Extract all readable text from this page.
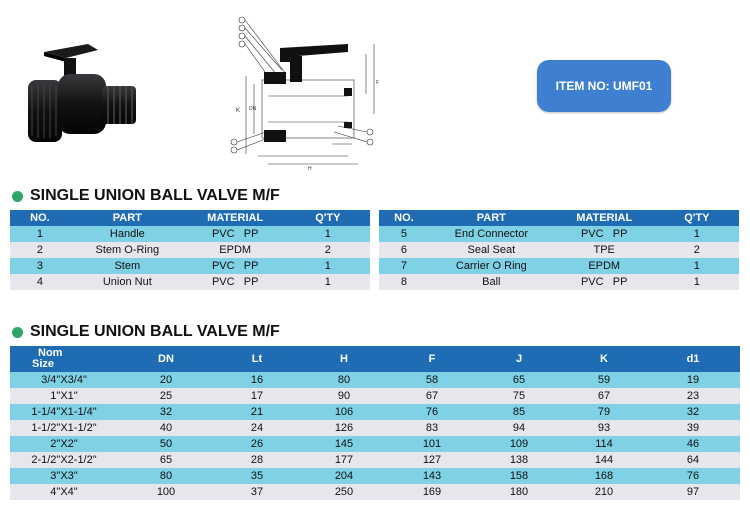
K DN
F
H
ITEM NO:
UMF01
SINGLE UNION BALL VALVE M/F
NO.	PART	MATERIAL	Q'TY
1	Handle	PVC   PP	1
2	Stem O-Ring	EPDM	2
3	Stem	PVC   PP	1
4	Union Nut	PVC   PP	1
NO.	PART	MATERIAL	Q'TY
5	End Connector	PVC   PP	1
6	Seal Seat	TPE	2
7	Carrier O Ring	EPDM	1
8	Ball	PVC   PP	1
SINGLE UNION BALL VALVE M/F
Nom
Size	DN	Lt	H	F	J	K	d1
3/4"X3/4"	20	16	80	58	65	59	19
1"X1"	25	17	90	67	75	67	23
1-1/4"X1-1/4"	32	21	106	76	85	79	32
1-1/2"X1-1/2"	40	24	126	83	94	93	39
2"X2"	50	26	145	101	109	114	46
2-1/2"X2-1/2"	65	28	177	127	138	144	64
3"X3"	80	35	204	143	158	168	76
4"X4"	100	37	250	169	180	210	97
